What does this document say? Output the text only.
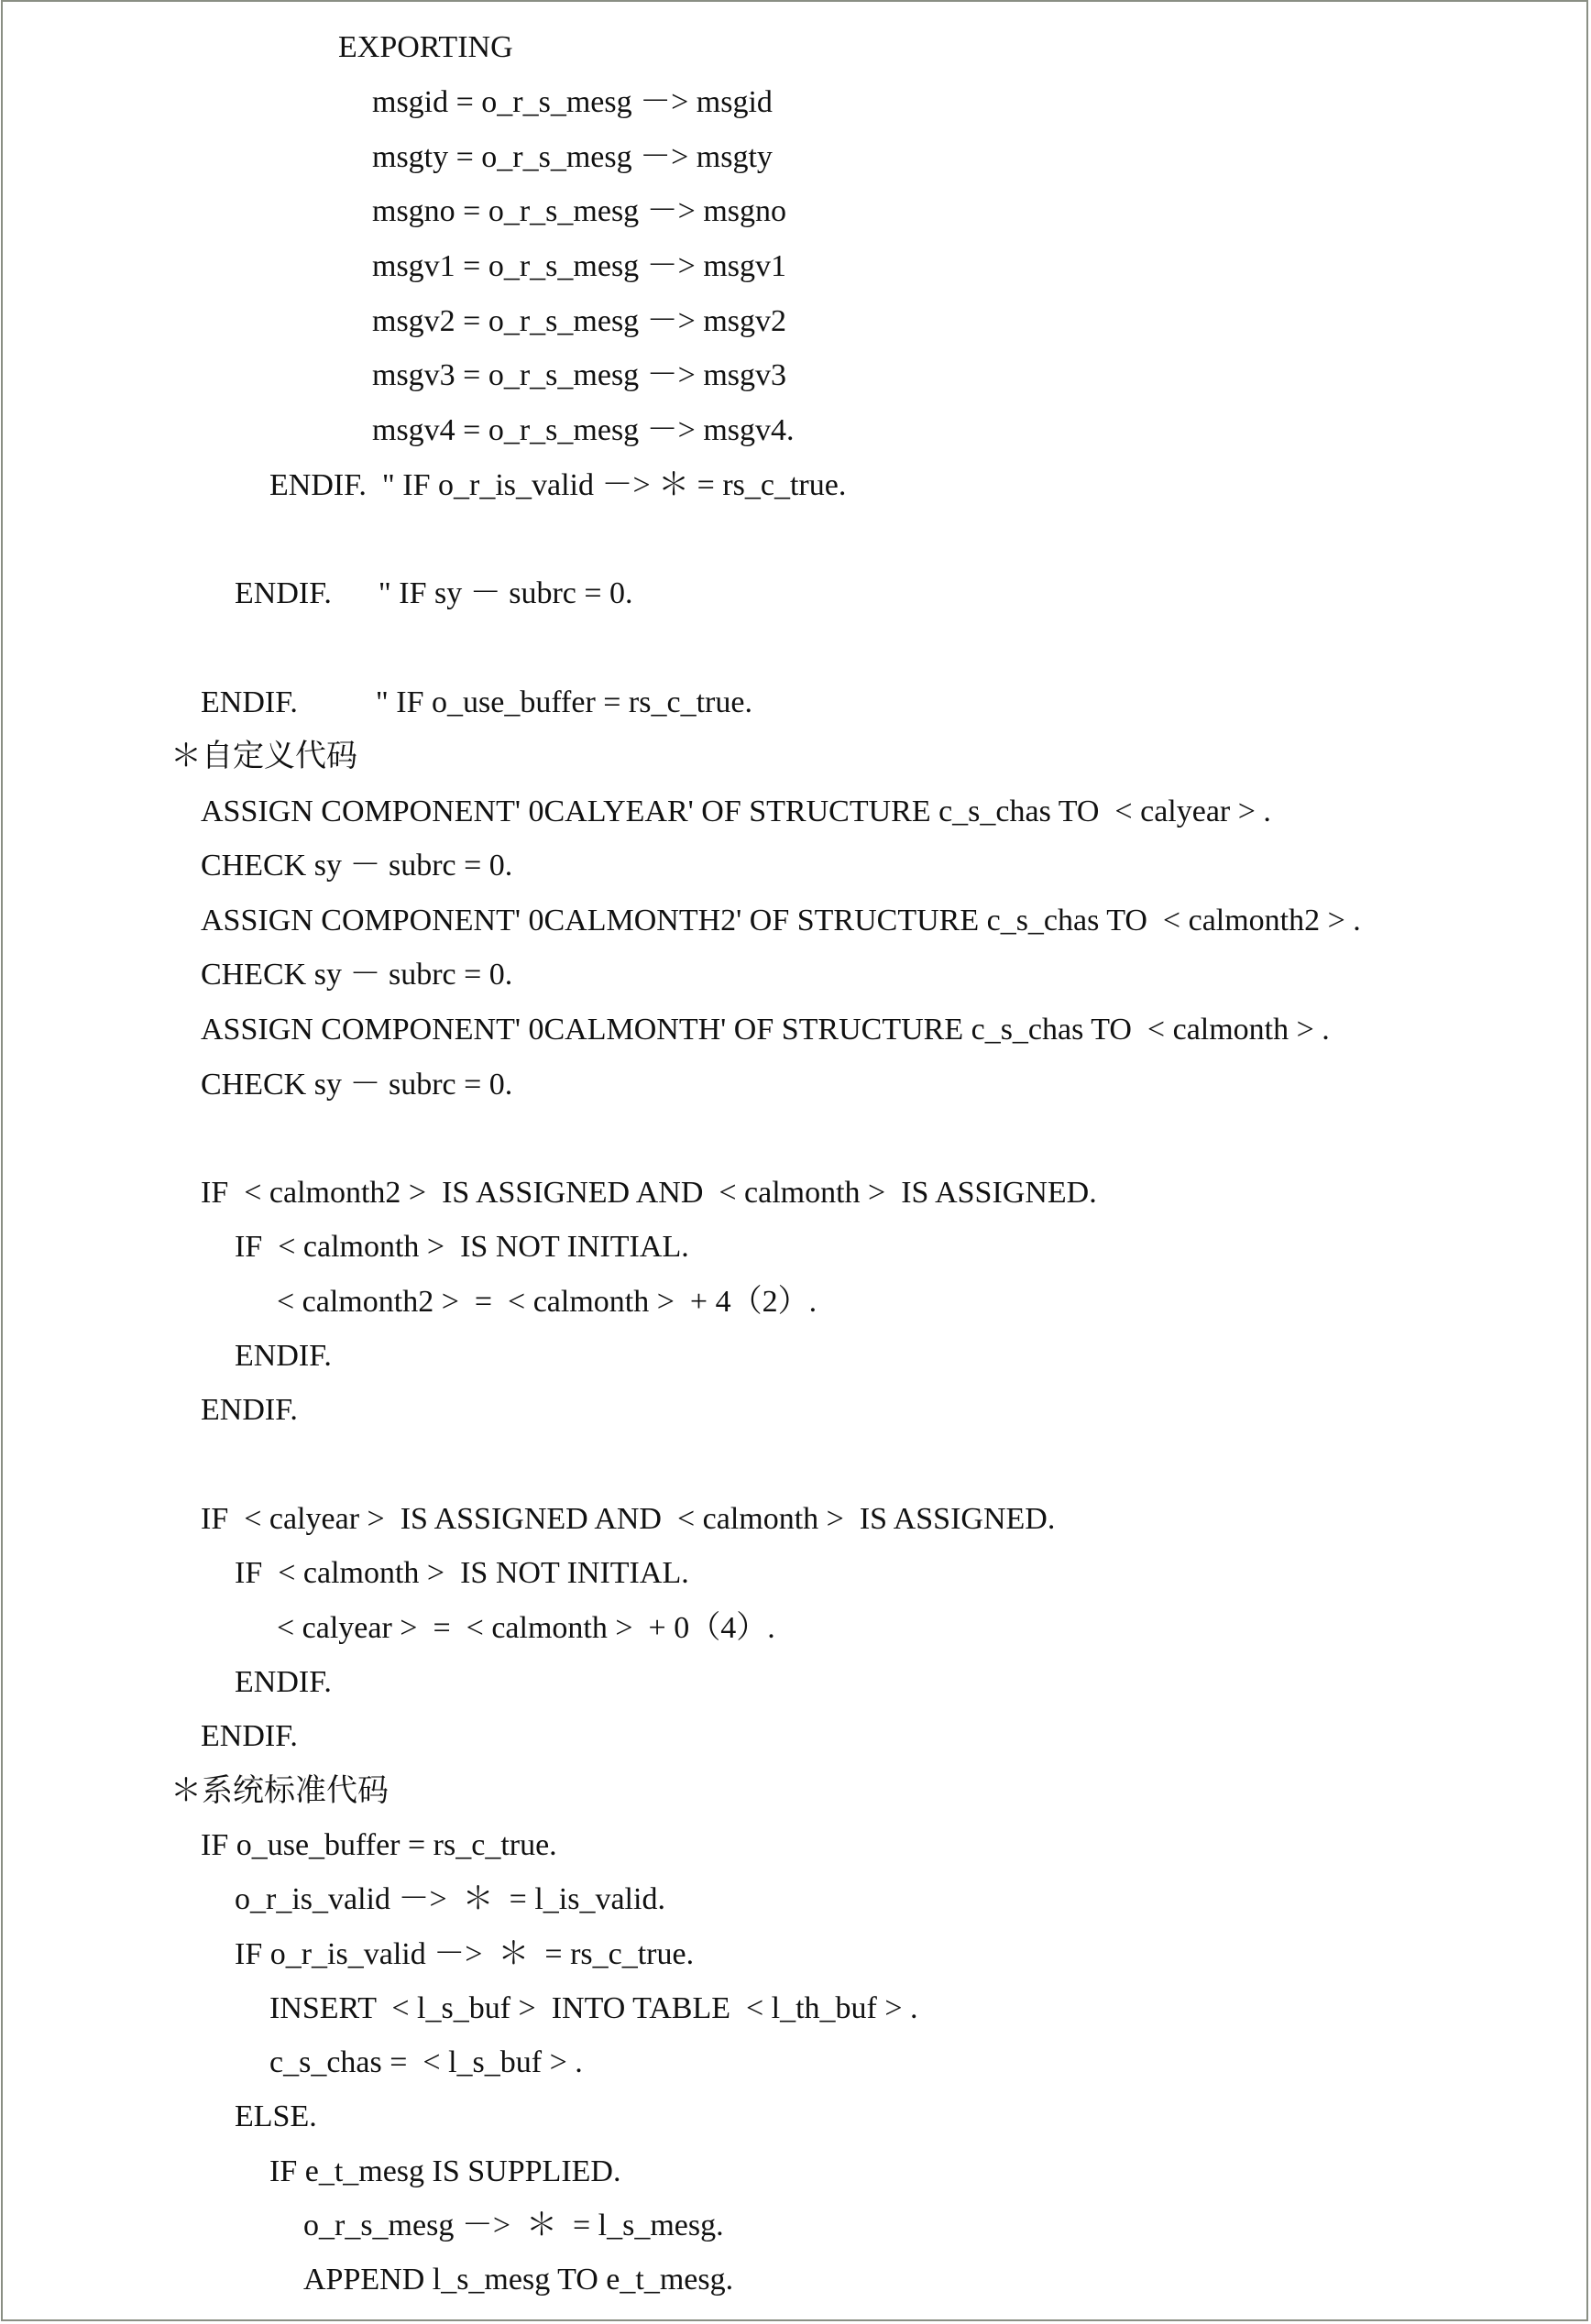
EXPORTING
msgid = o_r_s_mesg －> msgid
msgty = o_r_s_mesg －> msgty
msgno = o_r_s_mesg －> msgno
msgv1 = o_r_s_mesg －> msgv1
msgv2 = o_r_s_mesg －> msgv2
msgv3 = o_r_s_mesg －> msgv3
msgv4 = o_r_s_mesg －> msgv4.
ENDIF.  " IF o_r_is_valid －> ＊ = rs_c_true.
ENDIF.      " IF sy － subrc = 0.
ENDIF.          " IF o_use_buffer = rs_c_true.
＊自定义代码
ASSIGN COMPONENT' 0CALYEAR' OF STRUCTURE c_s_chas TO  < calyear > .
CHECK sy － subrc = 0.
ASSIGN COMPONENT' 0CALMONTH2' OF STRUCTURE c_s_chas TO  < calmonth2 > .
CHECK sy － subrc = 0.
ASSIGN COMPONENT' 0CALMONTH' OF STRUCTURE c_s_chas TO  < calmonth > .
CHECK sy － subrc = 0.
IF  < calmonth2 >  IS ASSIGNED AND  < calmonth >  IS ASSIGNED.
IF  < calmonth >  IS NOT INITIAL.
< calmonth2 >  =  < calmonth >  + 4（2）.
ENDIF.
ENDIF.
IF  < calyear >  IS ASSIGNED AND  < calmonth >  IS ASSIGNED.
IF  < calmonth >  IS NOT INITIAL.
< calyear >  =  < calmonth >  + 0（4）.
ENDIF.
ENDIF.
＊系统标准代码
IF o_use_buffer = rs_c_true.
o_r_is_valid －>  ＊  = l_is_valid.
IF o_r_is_valid －>  ＊  = rs_c_true.
INSERT  < l_s_buf >  INTO TABLE  < l_th_buf > .
c_s_chas =  < l_s_buf > .
ELSE.
IF e_t_mesg IS SUPPLIED.
o_r_s_mesg －>  ＊  = l_s_mesg.
APPEND l_s_mesg TO e_t_mesg.
